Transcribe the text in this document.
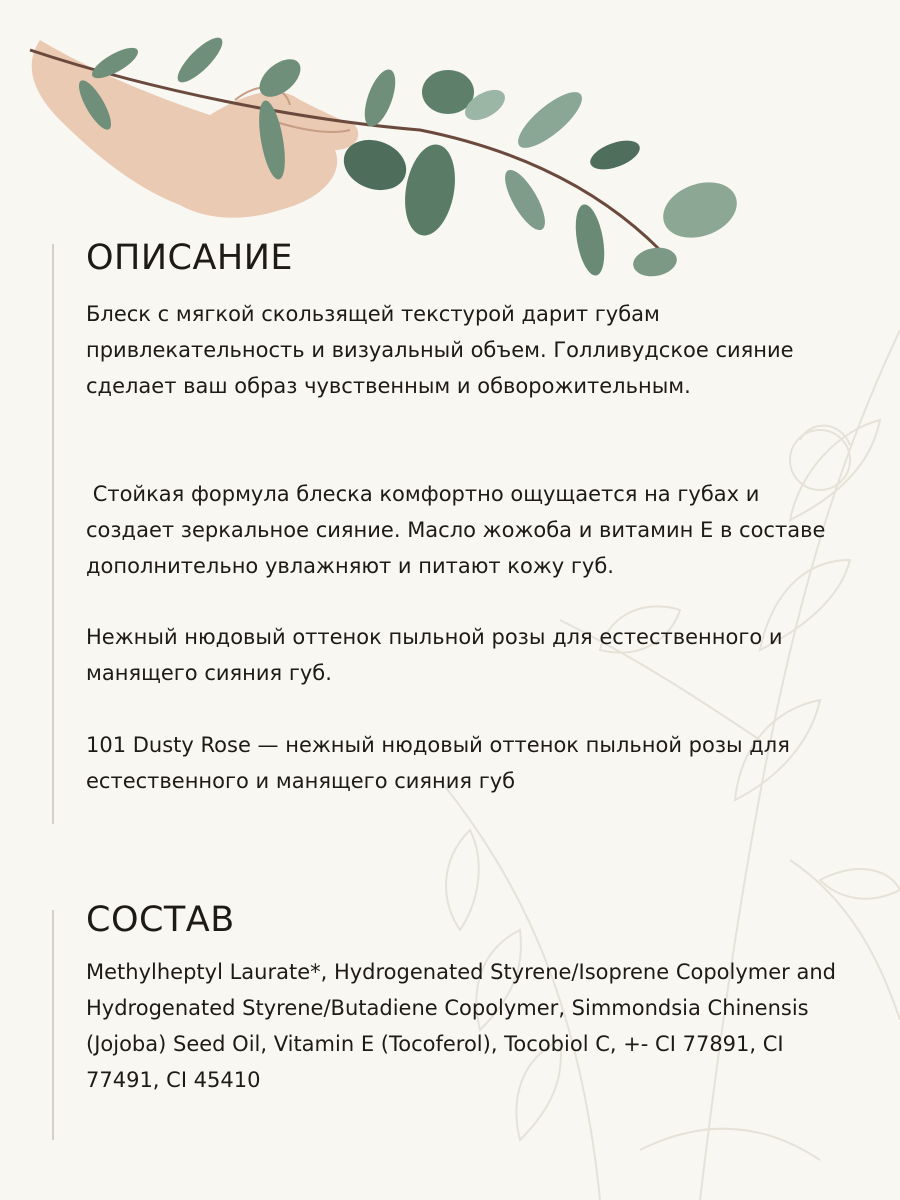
ОПИСАНИЕ

Блеск с мягкой скользящей текстурой дарит губам привлекательность и визуальный объем. Голливудское сияние сделает ваш образ чувственным и обворожительным.

Стойкая формула блеска комфортно ощущается на губах и создает зеркальное сияние. Масло жожоба и витамин Е в составе дополнительно увлажняют и питают кожу губ.

Нежный нюдовый оттенок пыльной розы для естественного и манящего сияния губ.

101 Dusty Rose — нежный нюдовый оттенок пыльной розы для естественного и манящего сияния губ

СОСТАВ

Methylheptyl Laurate*, Hydrogenated Styrene/Isoprene Copolymer and Hydrogenated Styrene/Butadiene Copolymer, Simmondsia Chinensis (Jojoba) Seed Oil, Vitamin E (Tocoferol), Tocobiol C, +- CI 77891, CI 77491, CI 45410
